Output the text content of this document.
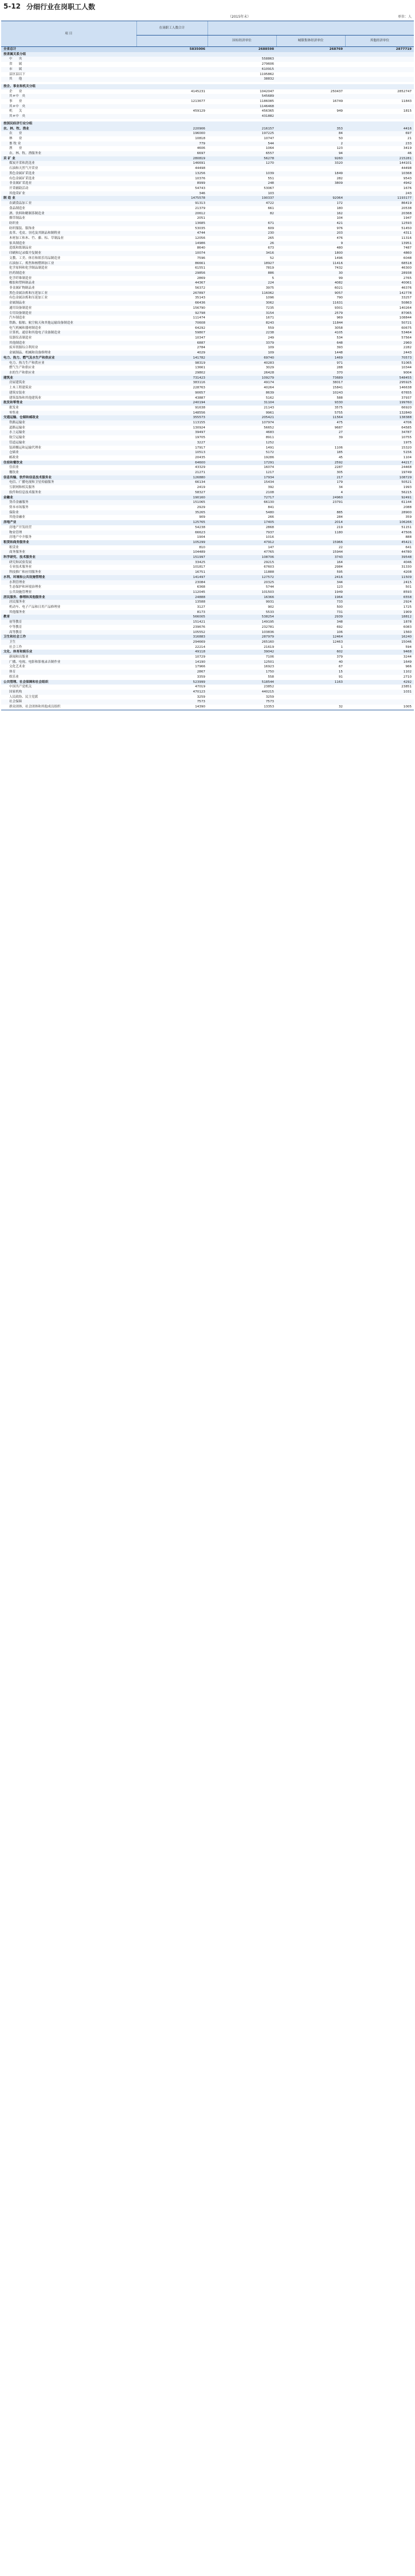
5-12 分细行业在岗职工人数
（2015年末）	单位：人
项 目	在岗职工人数合计			

		国有经济单位	城镇集体经济单位	其他经济单位

全省总计	5835006	2688598	268769	2877719
按隶属关系分组				
中　　央		558863		
省　　属		279606		
市　　属		610915		
县区县以下		1195862		
其　　他		38832		

按企、事业和机关分组				
企　　业	4145231	1042047	250437	2852747
其＃中　央		545689		
事　　业	1213677	1186085	16749	11843
其＃中　央		1146468		
机　　关	459129	456365	949	1815
其＃中　央		431882		

按国民经济行业分组				
农、林、牧、渔业	220906	216157	353	4416
农　　业	196000	197225	84	697
林　　业	10818	10747	50	21
畜 牧 业	779	544	2	233
渔　　业	4606	1064	123	3419
农、林、牧、渔服务业	6697	6557	94	46
采 矿 业	280819	56278	9260	215281
煤炭开采和洗选业	146691	1270	3320	144101
石油和天然气开采业	44498			44498
黑色金属矿采选业	13256	1039	1849	10368
有色金属矿采选业	10376	551	282	9543
非金属矿采选业	8999	248	3809	4942
开采辅助活动	54743	53067		1676
其他采矿业	346	103		243
制 造 业	1475578	190337	92064	1193177
农副食品加工业	91313	4722	172	86419
食品制造业	21379	661	180	20538
酒、饮料和精制茶制造业	20612	82	162	20368
烟草制品业	2051		104	1947
纺织业	13685	671	421	12593
纺织服装、服饰业	53035	609	976	51450
皮革、毛皮、羽毛及其制品和制鞋业	4744	230	203	4311
木材加工和木、竹、藤、棕、草制品业	12056	265	476	11316
家具制造业	14986	26	9	13951
造纸和纸制品业	8640	673	480	7487
印刷和记录媒介复制业	10074	3416	1800	4860
文教、工美、体育和娱乐用品制造业	7596	52	1496	6048
石油加工、炼焦和核燃料加工业	86661	18927	11416	68518
化学原料和化学制品制造业	61551	7819	7432	46300
医药制造业	29856	886	30	28938
化学纤维制造业	2869	5	99	2765
橡胶和塑料制品业	44367	224	4082	40061
非金属矿物制品业	56372	3975	6021	46376
黑色金属冶炼和压延加工业	267897	116062	9057	142778
有色金属冶炼和压延加工业	35143	1096	790	33257
金属制品业	66436	3062	11631	50863
通用设备制造业	156790	7235	9301	140264
专用设备制造业	92798	3154	2579	87065
汽车制造业	111474	1671	969	108844
铁路、船舶、航空航天和其他运输设备制造业	70608	8243	11844	50721
电气机械和器材制造业	64292	559	3058	60675
计算机、通信和其他电子设备制造业	59807	2238	4105	53464
仪器仪表制造业	10347	249	534	57564
其他制造业	6887	3379	648	2960
废弃资源综合利用业	2784	109	393	2282
金属制品、机械和设备修理业	4029	109	1448	2443
电力、热力、燃气及水生产和供应业	141782	69740	1469	70573
电力、热力生产和供应业	98319	40283	971	51065
燃气生产和供应业	13661	3029	288	10344
水的生产和供应业	29802	26428	370	9004
建筑业	731423	109279	73689	548455
房屋建筑业	383116	49174	38017	295925
土木工程建筑业	228763	40264	15841	146638
建筑安装业	90657	8639	10243	67655
建筑装饰和其他建筑业	43887	5162	588	37937
批发和零售业	240194	31104	9330	199760
批发业	91638	21143	3575	66920
零售业	148556	9961	5755	132840
交通运输、仓储和邮政业	355573	205421	11564	138388
铁路运输业	113155	107974	475	4706
道路运输业	130924	56652	9687	64585
水上运输业	39497	4683	27	34787
航空运输业	19705	8911	39	10755
管道运输业	3227	1252		1975
装卸搬运和运输代理业	17917	1491	1106	15320
仓储业	10513	5172	185	5156
邮政业	20435	19286	45	1104
住宿和餐饮业	64600	17291	2592	44217
住宿业	43329	16074	2287	24468
餐饮业	21271	1217	305	19749
信息传输、软件和信息技术服务业	126880	17934	217	108729
电信、广播电视和卫星传输服务	66134	15434	179	50521
互联网和相关服务	2419	392	34	1993
软件和信息技术服务业	58327	2108	4	56215
金融业	190160	72717	24960	92491
货币金融服务	151065	66130	23791	61144
资本市场服务	2929	841		2088
保险业	35265	5480	885	28900
其他金融业	909	266	284	359
房地产业	125765	17405	2014	106266
房地产开发经营	54238	2868	219	51151
物业管理	66623	7937	1180	47506
房地产中介服务	1904	1016		888
租赁和商务服务业	105299	47912	15966	45421
租赁业	810	147	22	641
商务服务业	104489	47765	15944	44780
科学研究、技术服务业	151997	108706	3743	39548
研究和试验发展	33425	29215	164	4046
专业技术服务业	101817	67603	2984	31330
科技推广和应用服务业	16751	11888	595	4208
水利、环境和公共设施管理业	141497	127572	2416	11509
水利管理业	23084	20325	344	2415
生态保护和环境治理业	6368	5744	123	501
公共设施管理业	112045	101503	1949	8593
居民服务、修理和其他服务业	24888	16366	1964	6558
居民服务业	13588	9931	733	2924
机动车、电子产品和日用产品修理业	3127	902	500	1725
其他服务业	8173	5533	731	1909
教育	566005	538254	2939	18812
初等教育	151421	149195	348	1878
中等教育	239676	232781	692	6083
高等教育	105552	103836	106	1560
卫生和社会工作	316883	287979	12464	16240
卫生	294669	265160	12463	15046
社会工作	22214	21619	1	594
文化、体育和娱乐业	49118	39042	602	9468
新闻和出版业	10729	7106	379	3244
广播、电视、电影和影视录音制作业	14190	12501	40	1649
文化艺术业	17966	16923	67	966
体育	2867	1750	15	1102
娱乐业	3359	558	91	2710
公共管理、社会保障和社会组织	523999	518544	1163	4292
中国共产党机关	47019	23852		23851
国家机构	470123	440215		1031
人民政协、民主党派	3259	3259		
社会保障	7573	7573		
群众团体、社会团体和其他成员组织	14390	13353	32	1005
